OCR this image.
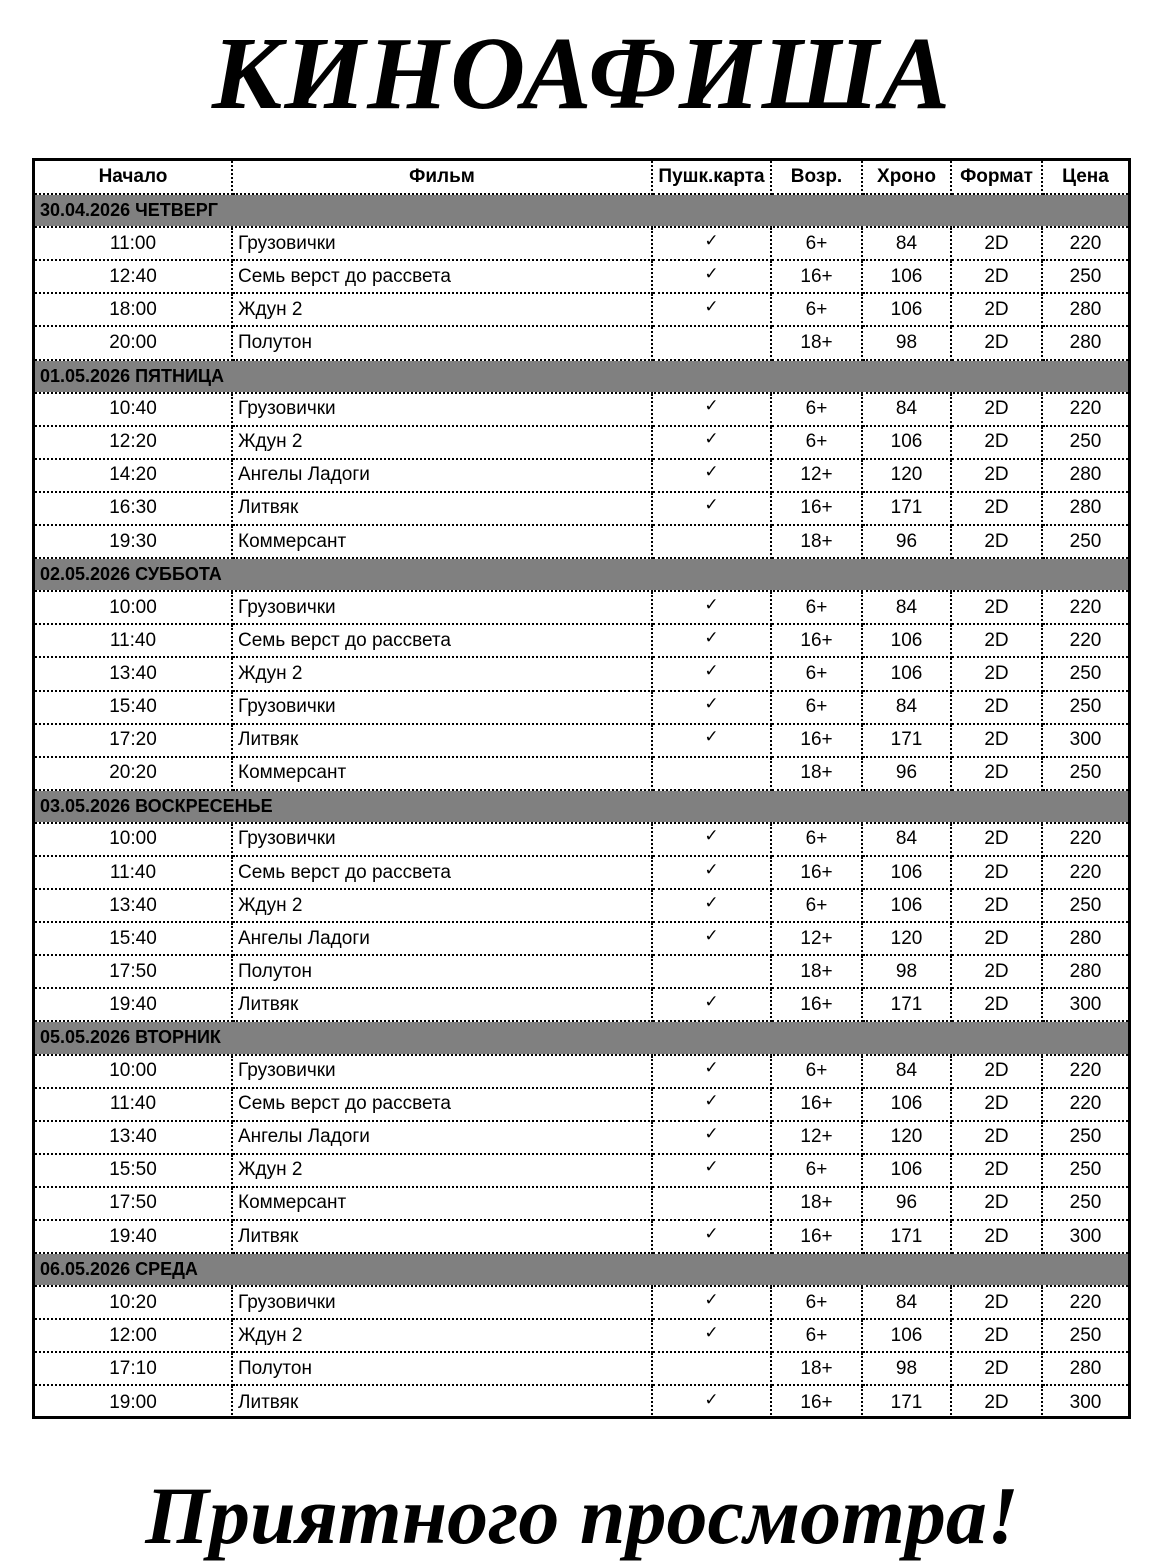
КИНОАФИША
Начало	Фильм	Пушк.карта	Возр.	Хроно	Формат	Цена
30.04.2026 ЧЕТВЕРГ						
11:00	Грузовички	✓	6+	84	2D	220
12:40	Семь верст до рассвета	✓	16+	106	2D	250
18:00	Ждун 2	✓	6+	106	2D	280
20:00	Полутон		18+	98	2D	280
01.05.2026 ПЯТНИЦА						
10:40	Грузовички	✓	6+	84	2D	220
12:20	Ждун 2	✓	6+	106	2D	250
14:20	Ангелы Ладоги	✓	12+	120	2D	280
16:30	Литвяк	✓	16+	171	2D	280
19:30	Коммерсант		18+	96	2D	250
02.05.2026 СУББОТА						
10:00	Грузовички	✓	6+	84	2D	220
11:40	Семь верст до рассвета	✓	16+	106	2D	220
13:40	Ждун 2	✓	6+	106	2D	250
15:40	Грузовички	✓	6+	84	2D	250
17:20	Литвяк	✓	16+	171	2D	300
20:20	Коммерсант		18+	96	2D	250
03.05.2026 ВОСКРЕСЕНЬЕ						
10:00	Грузовички	✓	6+	84	2D	220
11:40	Семь верст до рассвета	✓	16+	106	2D	220
13:40	Ждун 2	✓	6+	106	2D	250
15:40	Ангелы Ладоги	✓	12+	120	2D	280
17:50	Полутон		18+	98	2D	280
19:40	Литвяк	✓	16+	171	2D	300
05.05.2026 ВТОРНИК						
10:00	Грузовички	✓	6+	84	2D	220
11:40	Семь верст до рассвета	✓	16+	106	2D	220
13:40	Ангелы Ладоги	✓	12+	120	2D	250
15:50	Ждун 2	✓	6+	106	2D	250
17:50	Коммерсант		18+	96	2D	250
19:40	Литвяк	✓	16+	171	2D	300
06.05.2026 СРЕДА						
10:20	Грузовички	✓	6+	84	2D	220
12:00	Ждун 2	✓	6+	106	2D	250
17:10	Полутон		18+	98	2D	280
19:00	Литвяк	✓	16+	171	2D	300
Приятного просмотра!
